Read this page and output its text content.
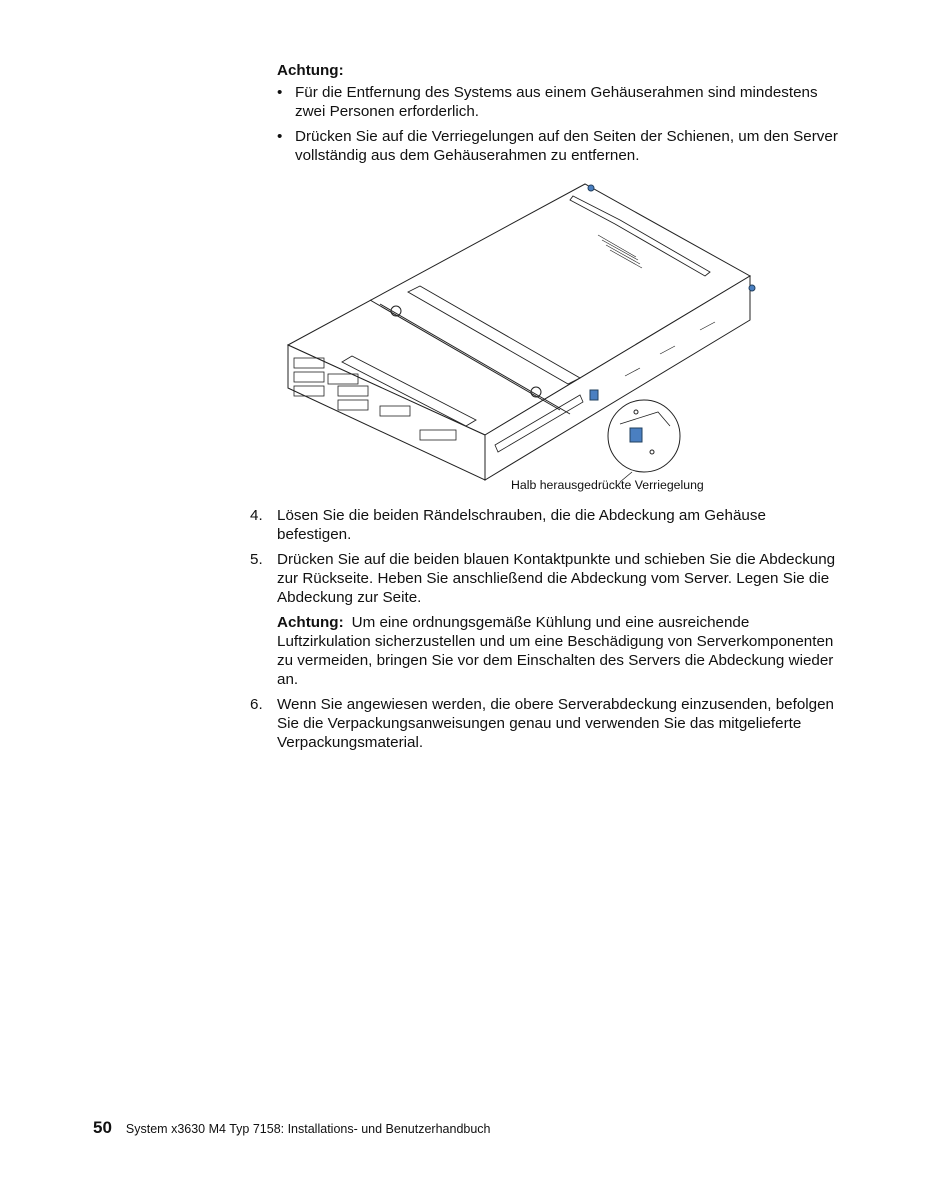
Achtung:
• Für die Entfernung des Systems aus einem Gehäuserahmen sind mindestens zwei Personen erforderlich.
• Drücken Sie auf die Verriegelungen auf den Seiten der Schienen, um den Server vollständig aus dem Gehäuserahmen zu entfernen.
Halb herausgedrückte Verriegelung
4. Lösen Sie die beiden Rändelschrauben, die die Abdeckung am Gehäuse befestigen.
5. Drücken Sie auf die beiden blauen Kontaktpunkte und schieben Sie die Abdeckung zur Rückseite. Heben Sie anschließend die Abdeckung vom Server. Legen Sie die Abdeckung zur Seite.
Achtung: Um eine ordnungsgemäße Kühlung und eine ausreichende Luftzirkulation sicherzustellen und um eine Beschädigung von Serverkomponenten zu vermeiden, bringen Sie vor dem Einschalten des Servers die Abdeckung wieder an.
6. Wenn Sie angewiesen werden, die obere Serverabdeckung einzusenden, befolgen Sie die Verpackungsanweisungen genau und verwenden Sie das mitgelieferte Verpackungsmaterial.
50 System x3630 M4 Typ 7158: Installations- und Benutzerhandbuch
